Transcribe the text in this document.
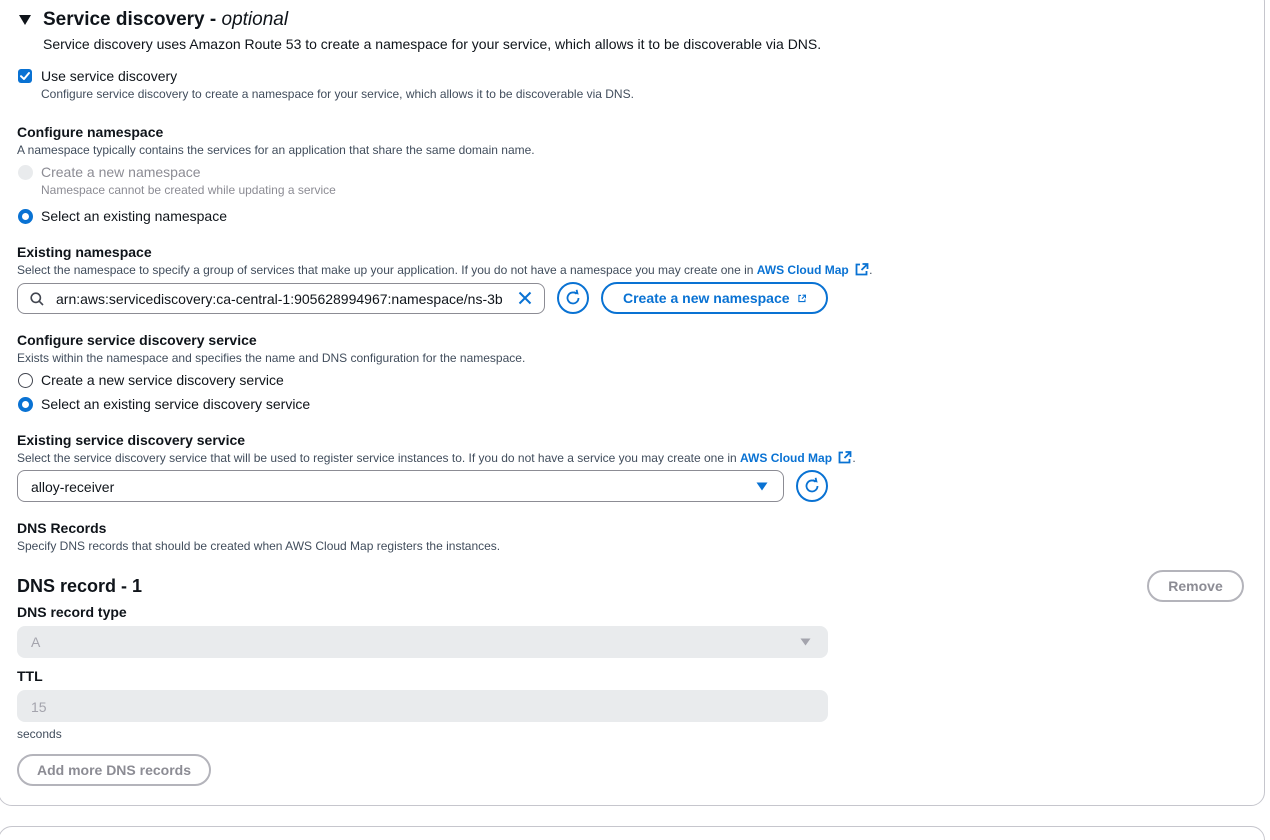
Service discovery - optional
Service discovery uses Amazon Route 53 to create a namespace for your service, which allows it to be discoverable via DNS.
Use service discovery
Configure service discovery to create a namespace for your service, which allows it to be discoverable via DNS.
Configure namespace
A namespace typically contains the services for an application that share the same domain name.
Create a new namespace
Namespace cannot be created while updating a service
Select an existing namespace
Existing namespace
Select the namespace to specify a group of services that make up your application. If you do not have a namespace you may create one in AWS Cloud Map .
arn:aws:servicediscovery:ca-central-1:905628994967:namespace/ns-3b	Create a new namespace
Configure service discovery service
Exists within the namespace and specifies the name and DNS configuration for the namespace.
Create a new service discovery service
Select an existing service discovery service
Existing service discovery service
Select the service discovery service that will be used to register service instances to. If you do not have a service you may create one in AWS Cloud Map .
alloy-receiver
DNS Records
Specify DNS records that should be created when AWS Cloud Map registers the instances.
DNS record - 1	Remove
DNS record type
A
TTL
15
seconds
Add more DNS records
